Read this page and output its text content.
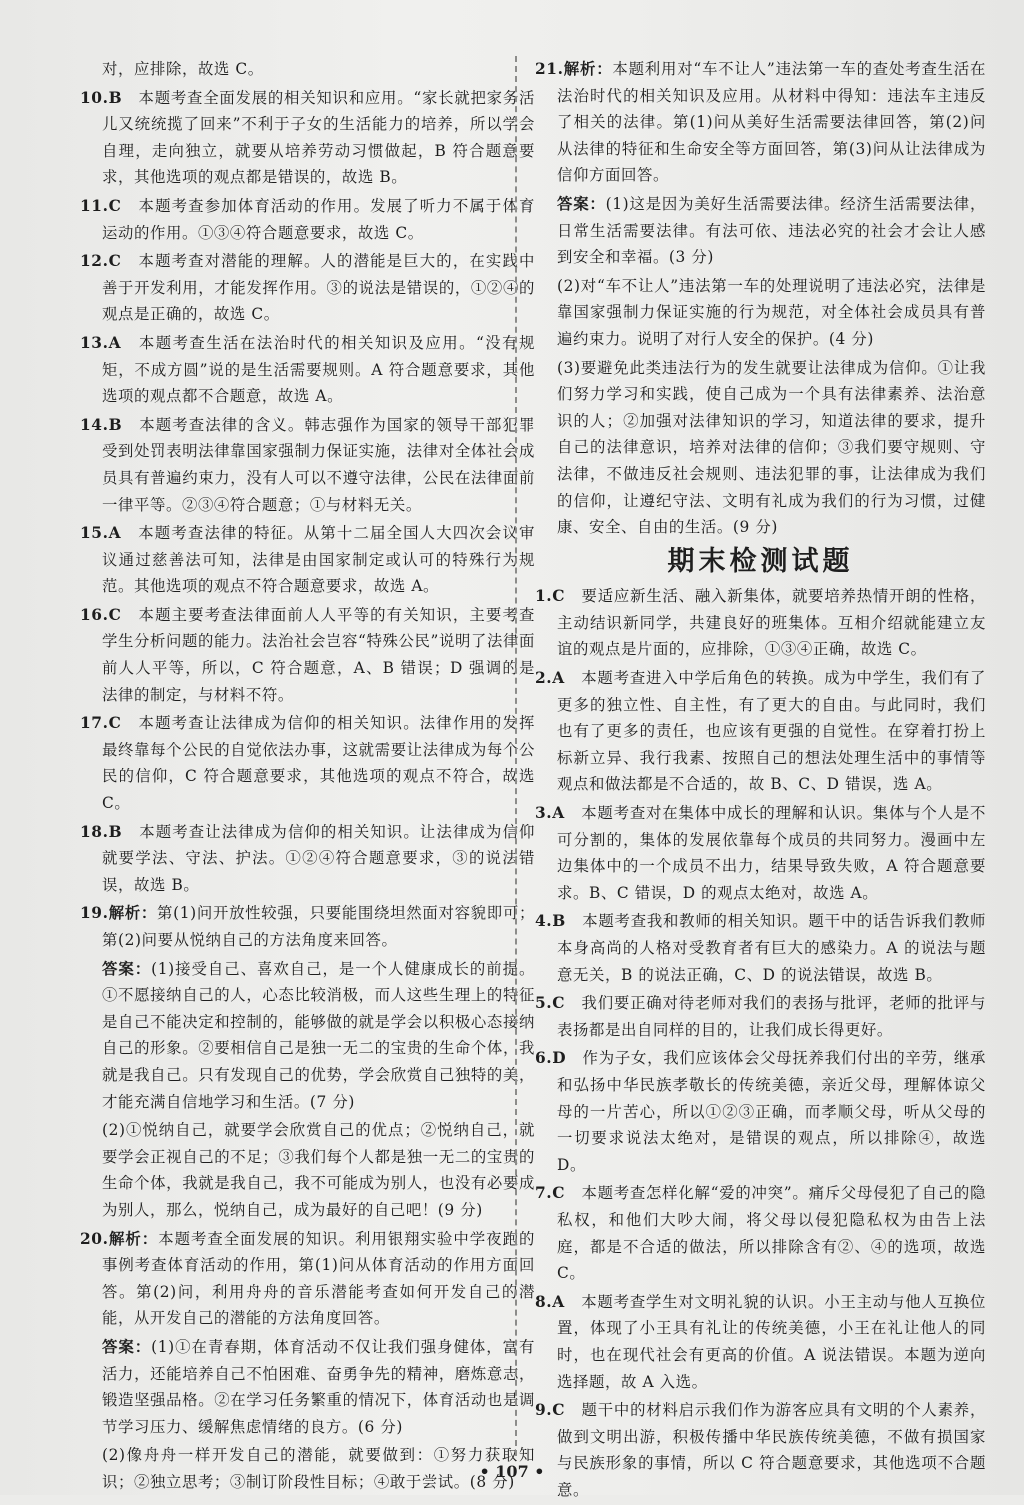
对，应排除，故选 C。
10.B　 本题考查全面发展的相关知识和应用。“家长就把家务活儿又统统揽了回来”不利于子女的生活能力的培养，所以学会自理，走向独立，就要从培养劳动习惯做起，B 符合题意要求，其他选项的观点都是错误的，故选 B。
11.C　 本题考查参加体育活动的作用。发展了听力不属于体育运动的作用。①③④符合题意要求，故选 C。
12.C　 本题考查对潜能的理解。人的潜能是巨大的，在实践中善于开发利用，才能发挥作用。③的说法是错误的，①②④的观点是正确的，故选 C。
13.A　 本题考查生活在法治时代的相关知识及应用。“没有规矩，不成方圆”说的是生活需要规则。A 符合题意要求，其他选项的观点都不合题意，故选 A。
14.B　 本题考查法律的含义。韩志强作为国家的领导干部犯罪受到处罚表明法律靠国家强制力保证实施，法律对全体社会成员具有普遍约束力，没有人可以不遵守法律，公民在法律面前一律平等。②③④符合题意；①与材料无关。
15.A　 本题考查法律的特征。从第十二届全国人大四次会议审议通过慈善法可知，法律是由国家制定或认可的特殊行为规范。其他选项的观点不符合题意要求，故选 A。
16.C　 本题主要考查法律面前人人平等的有关知识，主要考查学生分析问题的能力。法治社会岂容“特殊公民”说明了法律面前人人平等，所以，C 符合题意，A、B 错误；D 强调的是法律的制定，与材料不符。
17.C　 本题考查让法律成为信仰的相关知识。法律作用的发挥最终靠每个公民的自觉依法办事，这就需要让法律成为每个公民的信仰，C 符合题意要求，其他选项的观点不符合，故选 C。
18.B　 本题考查让法律成为信仰的相关知识。让法律成为信仰就要学法、守法、护法。①②④符合题意要求，③的说法错误，故选 B。
19.解析：第(1)问开放性较强，只要能围绕坦然面对容貌即可；第(2)问要从悦纳自己的方法角度来回答。
答案：(1)接受自己、喜欢自己，是一个人健康成长的前提。①不愿接纳自己的人，心态比较消极，而人这些生理上的特征是自己不能决定和控制的，能够做的就是学会以积极心态接纳自己的形象。②要相信自己是独一无二的宝贵的生命个体，我就是我自己。只有发现自己的优势，学会欣赏自己独特的美，才能充满自信地学习和生活。(7 分)
(2)①悦纳自己，就要学会欣赏自己的优点；②悦纳自己，就要学会正视自己的不足；③我们每个人都是独一无二的宝贵的生命个体，我就是我自己，我不可能成为别人，也没有必要成为别人，那么，悦纳自己，成为最好的自己吧！(9 分)
20.解析：本题考查全面发展的知识。利用银翔实验中学夜跑的事例考查体育活动的作用，第(1)问从体育活动的作用方面回答。第(2)问，利用舟舟的音乐潜能考查如何开发自己的潜能，从开发自己的潜能的方法角度回答。
答案：(1)①在青春期，体育活动不仅让我们强身健体，富有活力，还能培养自己不怕困难、奋勇争先的精神，磨炼意志，锻造坚强品格。②在学习任务繁重的情况下，体育活动也是调节学习压力、缓解焦虑情绪的良方。(6 分)
(2)像舟舟一样开发自己的潜能，就要做到：①努力获取知识；②独立思考；③制订阶段性目标；④敢于尝试。(8 分)
21.解析：本题利用对“车不让人”违法第一车的查处考查生活在法治时代的相关知识及应用。从材料中得知：违法车主违反了相关的法律。第(1)问从美好生活需要法律回答，第(2)问从法律的特征和生命安全等方面回答，第(3)问从让法律成为信仰方面回答。
答案：(1)这是因为美好生活需要法律。经济生活需要法律，日常生活需要法律。有法可依、违法必究的社会才会让人感到安全和幸福。(3 分)
(2)对“车不让人”违法第一车的处理说明了违法必究，法律是靠国家强制力保证实施的行为规范，对全体社会成员具有普遍约束力。说明了对行人安全的保护。(4 分)
(3)要避免此类违法行为的发生就要让法律成为信仰。①让我们努力学习和实践，使自己成为一个具有法律素养、法治意识的人；②加强对法律知识的学习，知道法律的要求，提升自己的法律意识，培养对法律的信仰；③我们要守规则、守法律，不做违反社会规则、违法犯罪的事，让法律成为我们的信仰，让遵纪守法、文明有礼成为我们的行为习惯，过健康、安全、自由的生活。(9 分)
期末检测试题
1.C　 要适应新生活、融入新集体，就要培养热情开朗的性格，主动结识新同学，共建良好的班集体。互相介绍就能建立友谊的观点是片面的，应排除，①③④正确，故选 C。
2.A　 本题考查进入中学后角色的转换。成为中学生，我们有了更多的独立性、自主性，有了更大的自由。与此同时，我们也有了更多的责任，也应该有更强的自觉性。在穿着打扮上标新立异、我行我素、按照自己的想法处理生活中的事情等观点和做法都是不合适的，故 B、C、D 错误，选 A。
3.A　 本题考查对在集体中成长的理解和认识。集体与个人是不可分割的，集体的发展依靠每个成员的共同努力。漫画中左边集体中的一个成员不出力，结果导致失败，A 符合题意要求。B、C 错误，D 的观点太绝对，故选 A。
4.B　 本题考查我和教师的相关知识。题干中的话告诉我们教师本身高尚的人格对受教育者有巨大的感染力。A 的说法与题意无关，B 的说法正确，C、D 的说法错误，故选 B。
5.C　 我们要正确对待老师对我们的表扬与批评，老师的批评与表扬都是出自同样的目的，让我们成长得更好。
6.D　 作为子女，我们应该体会父母抚养我们付出的辛劳，继承和弘扬中华民族孝敬长的传统美德，亲近父母，理解体谅父母的一片苦心，所以①②③正确，而孝顺父母，听从父母的一切要求说法太绝对，是错误的观点，所以排除④，故选 D。
7.C　 本题考查怎样化解“爱的冲突”。痛斥父母侵犯了自己的隐私权，和他们大吵大闹，将父母以侵犯隐私权为由告上法庭，都是不合适的做法，所以排除含有②、④的选项，故选 C。
8.A　 本题考查学生对文明礼貌的认识。小王主动与他人互换位置，体现了小王具有礼让的传统美德，小王在礼让他人的同时，也在现代社会有更高的价值。A 说法错误。本题为逆向选择题，故 A 入选。
9.C　 题干中的材料启示我们作为游客应具有文明的个人素养，做到文明出游，积极传播中华民族传统美德，不做有损国家与民族形象的事情，所以 C 符合题意要求，其他选项不合题意。
• 107 •
